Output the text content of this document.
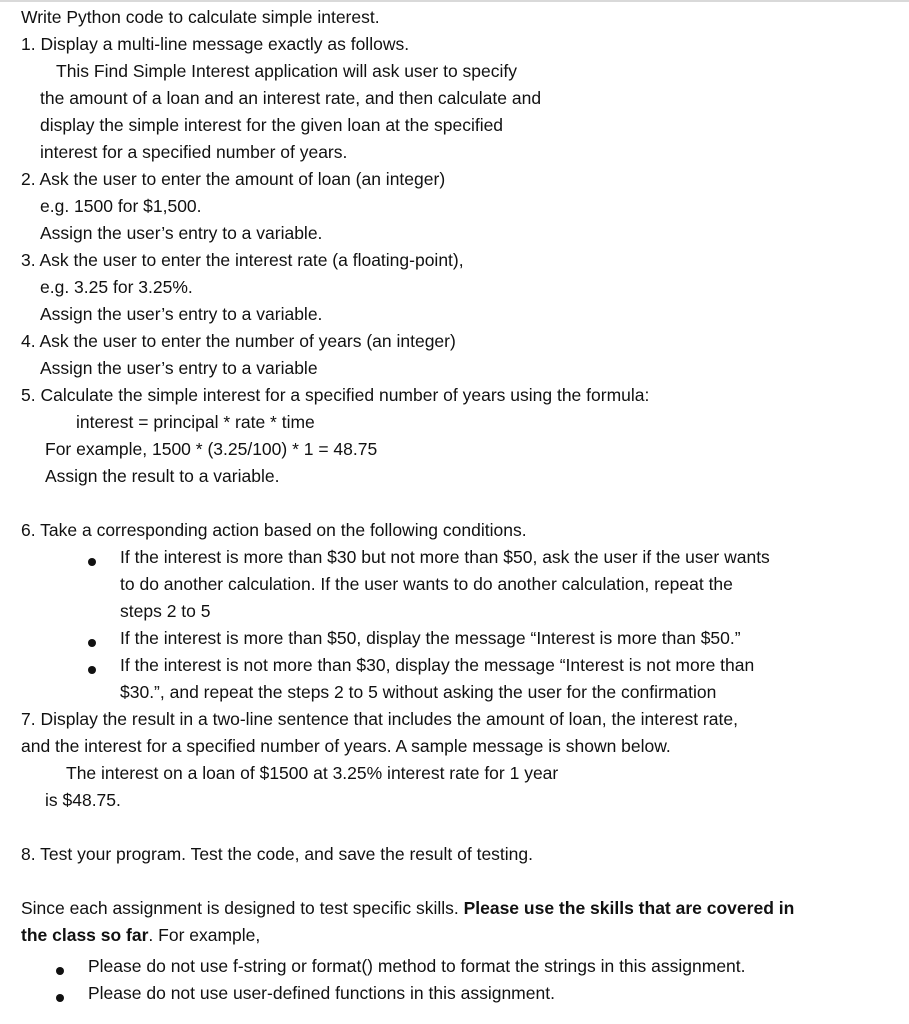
Write Python code to calculate simple interest.
1. Display a multi-line message exactly as follows.
This Find Simple Interest application will ask user to specify
the amount of a loan and an interest rate, and then calculate and
display the simple interest for the given loan at the specified
interest for a specified number of years.
2. Ask the user to enter the amount of loan (an integer)
e.g. 1500 for $1,500.
Assign the user’s entry to a variable.
3. Ask the user to enter the interest rate (a floating-point),
e.g. 3.25 for 3.25%.
Assign the user’s entry to a variable.
4. Ask the user to enter the number of years (an integer)
Assign the user’s entry to a variable
5. Calculate the simple interest for a specified number of years using the formula:
interest = principal * rate * time
For example, 1500 * (3.25/100) * 1 = 48.75
Assign the result to a variable.
6. Take a corresponding action based on the following conditions.
If the interest is more than $30 but not more than $50, ask the user if the user wants
to do another calculation. If the user wants to do another calculation, repeat the
steps 2 to 5
If the interest is more than $50, display the message “Interest is more than $50.”
If the interest is not more than $30, display the message “Interest is not more than
$30.”, and repeat the steps 2 to 5 without asking the user for the confirmation
7. Display the result in a two-line sentence that includes the amount of loan, the interest rate,
and the interest for a specified number of years. A sample message is shown below.
The interest on a loan of $1500 at 3.25% interest rate for 1 year
is $48.75.
8. Test your program. Test the code, and save the result of testing.
Since each assignment is designed to test specific skills. Please use the skills that are covered in
the class so far. For example,
Please do not use f-string or format() method to format the strings in this assignment.
Please do not use user-defined functions in this assignment.
